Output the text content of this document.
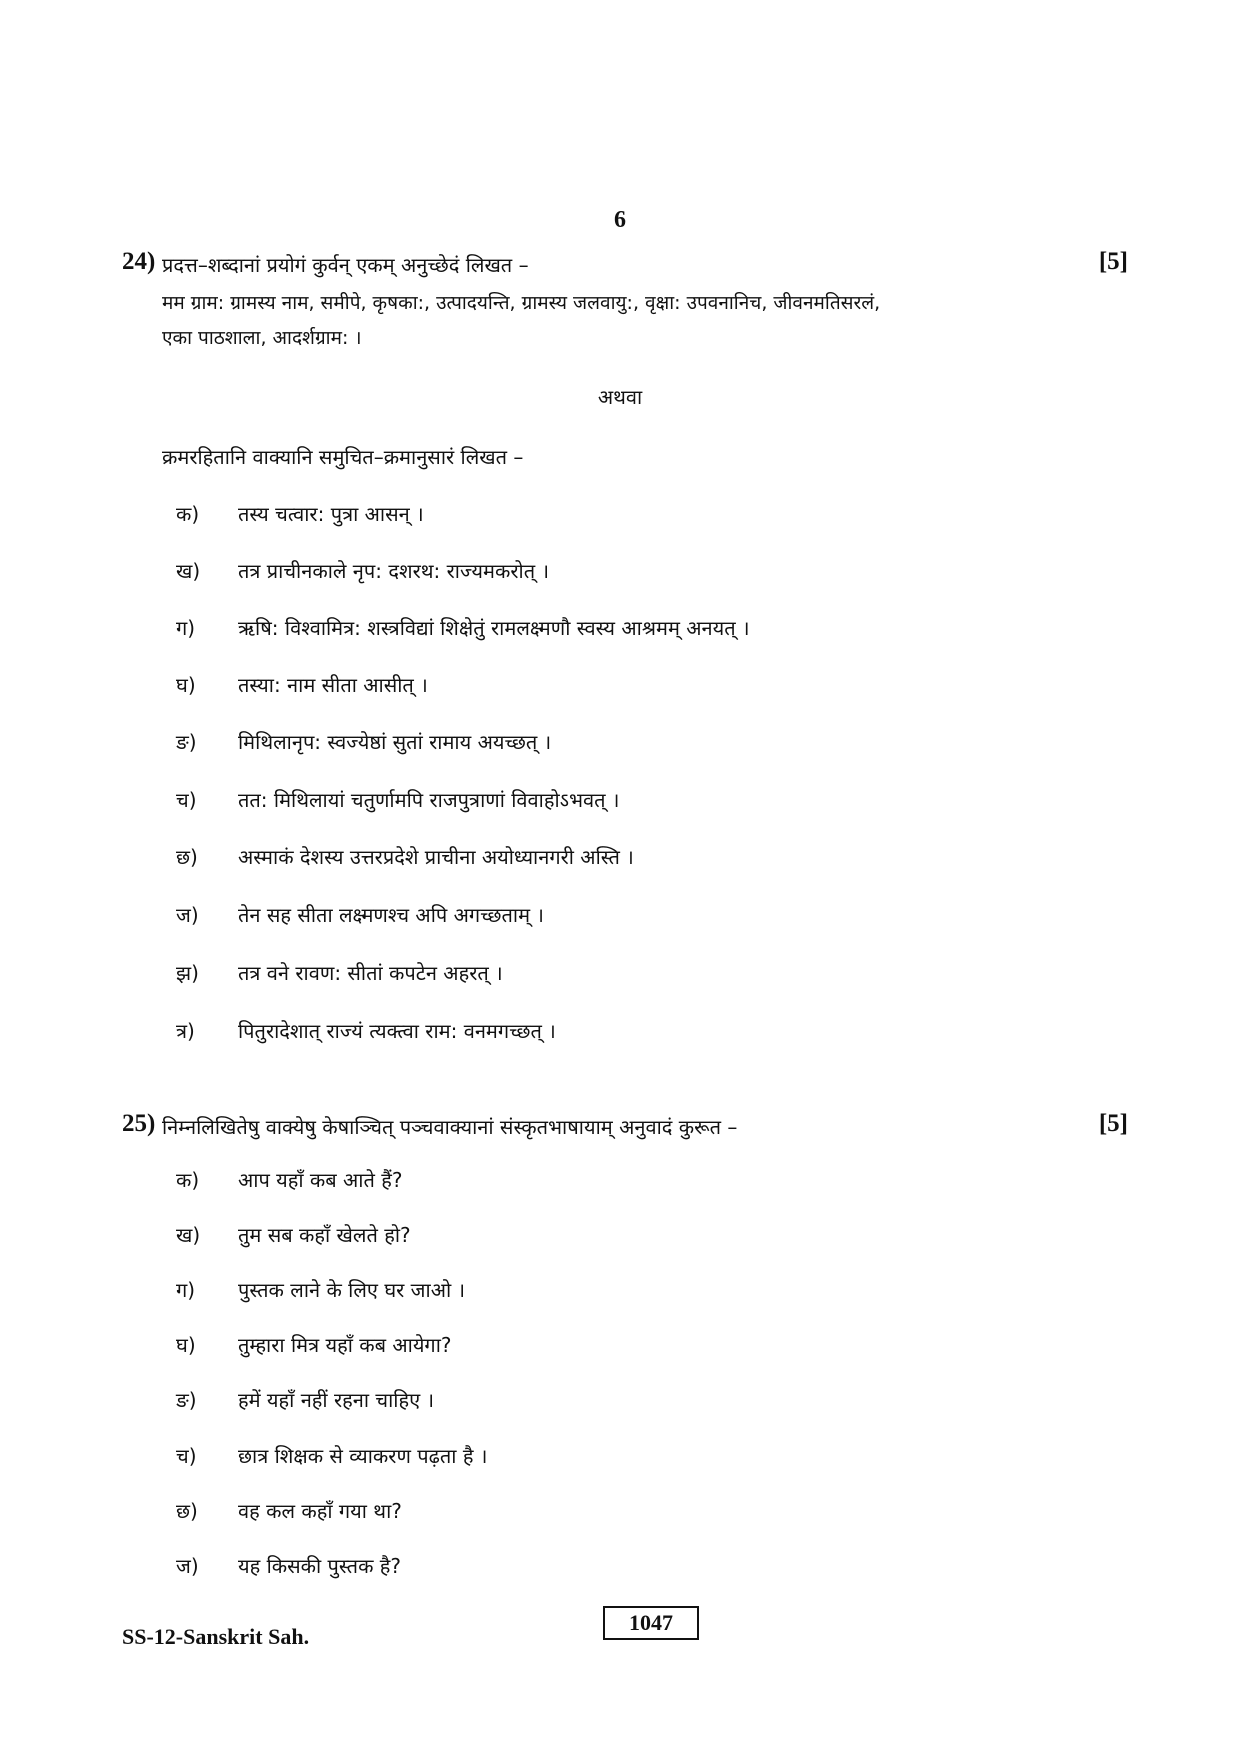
6
24) प्रदत्त–शब्दानां प्रयोगं कुर्वन् एकम् अनुच्छेदं लिखत –	[5]
मम ग्राम: ग्रामस्य नाम, समीपे, कृषका:, उत्पादयन्ति, ग्रामस्य जलवायु:, वृक्षा: उपवनानिच, जीवनमतिसरलं,
एका पाठशाला, आदर्शग्राम: ।
अथवा
क्रमरहितानि वाक्यानि समुचित–क्रमानुसारं लिखत –
क)	तस्य चत्वार: पुत्रा आसन् ।
ख)	तत्र प्राचीनकाले नृप: दशरथ: राज्यमकरोत् ।
ग)	ऋषि: विश्वामित्र: शस्त्रविद्यां शिक्षेतुं रामलक्ष्मणौ स्वस्य आश्रमम् अनयत् ।
घ)	तस्या: नाम सीता आसीत् ।
ङ)	मिथिलानृप: स्वज्येष्ठां सुतां रामाय अयच्छत् ।
च)	तत: मिथिलायां चतुर्णामपि राजपुत्राणां विवाहोऽभवत् ।
छ)	अस्माकं देशस्य उत्तरप्रदेशे प्राचीना अयोध्यानगरी अस्ति ।
ज)	तेन सह सीता लक्ष्मणश्च अपि अगच्छताम् ।
झ)	तत्र वने रावण: सीतां कपटेन अहरत् ।
त्र)	पितुरादेशात् राज्यं त्यक्त्वा राम: वनमगच्छत् ।
25) निम्नलिखितेषु वाक्येषु केषाञ्चित् पञ्चवाक्यानां संस्कृतभाषायाम् अनुवादं कुरूत –	[5]
क)	आप यहाँ कब आते हैं?
ख)	तुम सब कहाँ खेलते हो?
ग)	पुस्तक लाने के लिए घर जाओ ।
घ)	तुम्हारा मित्र यहाँ कब आयेगा?
ङ)	हमें यहाँ नहीं रहना चाहिए ।
च)	छात्र शिक्षक से व्याकरण पढ़ता है ।
छ)	वह कल कहाँ गया था?
ज)	यह किसकी पुस्तक है?
SS-12-Sanskrit Sah.
1047
